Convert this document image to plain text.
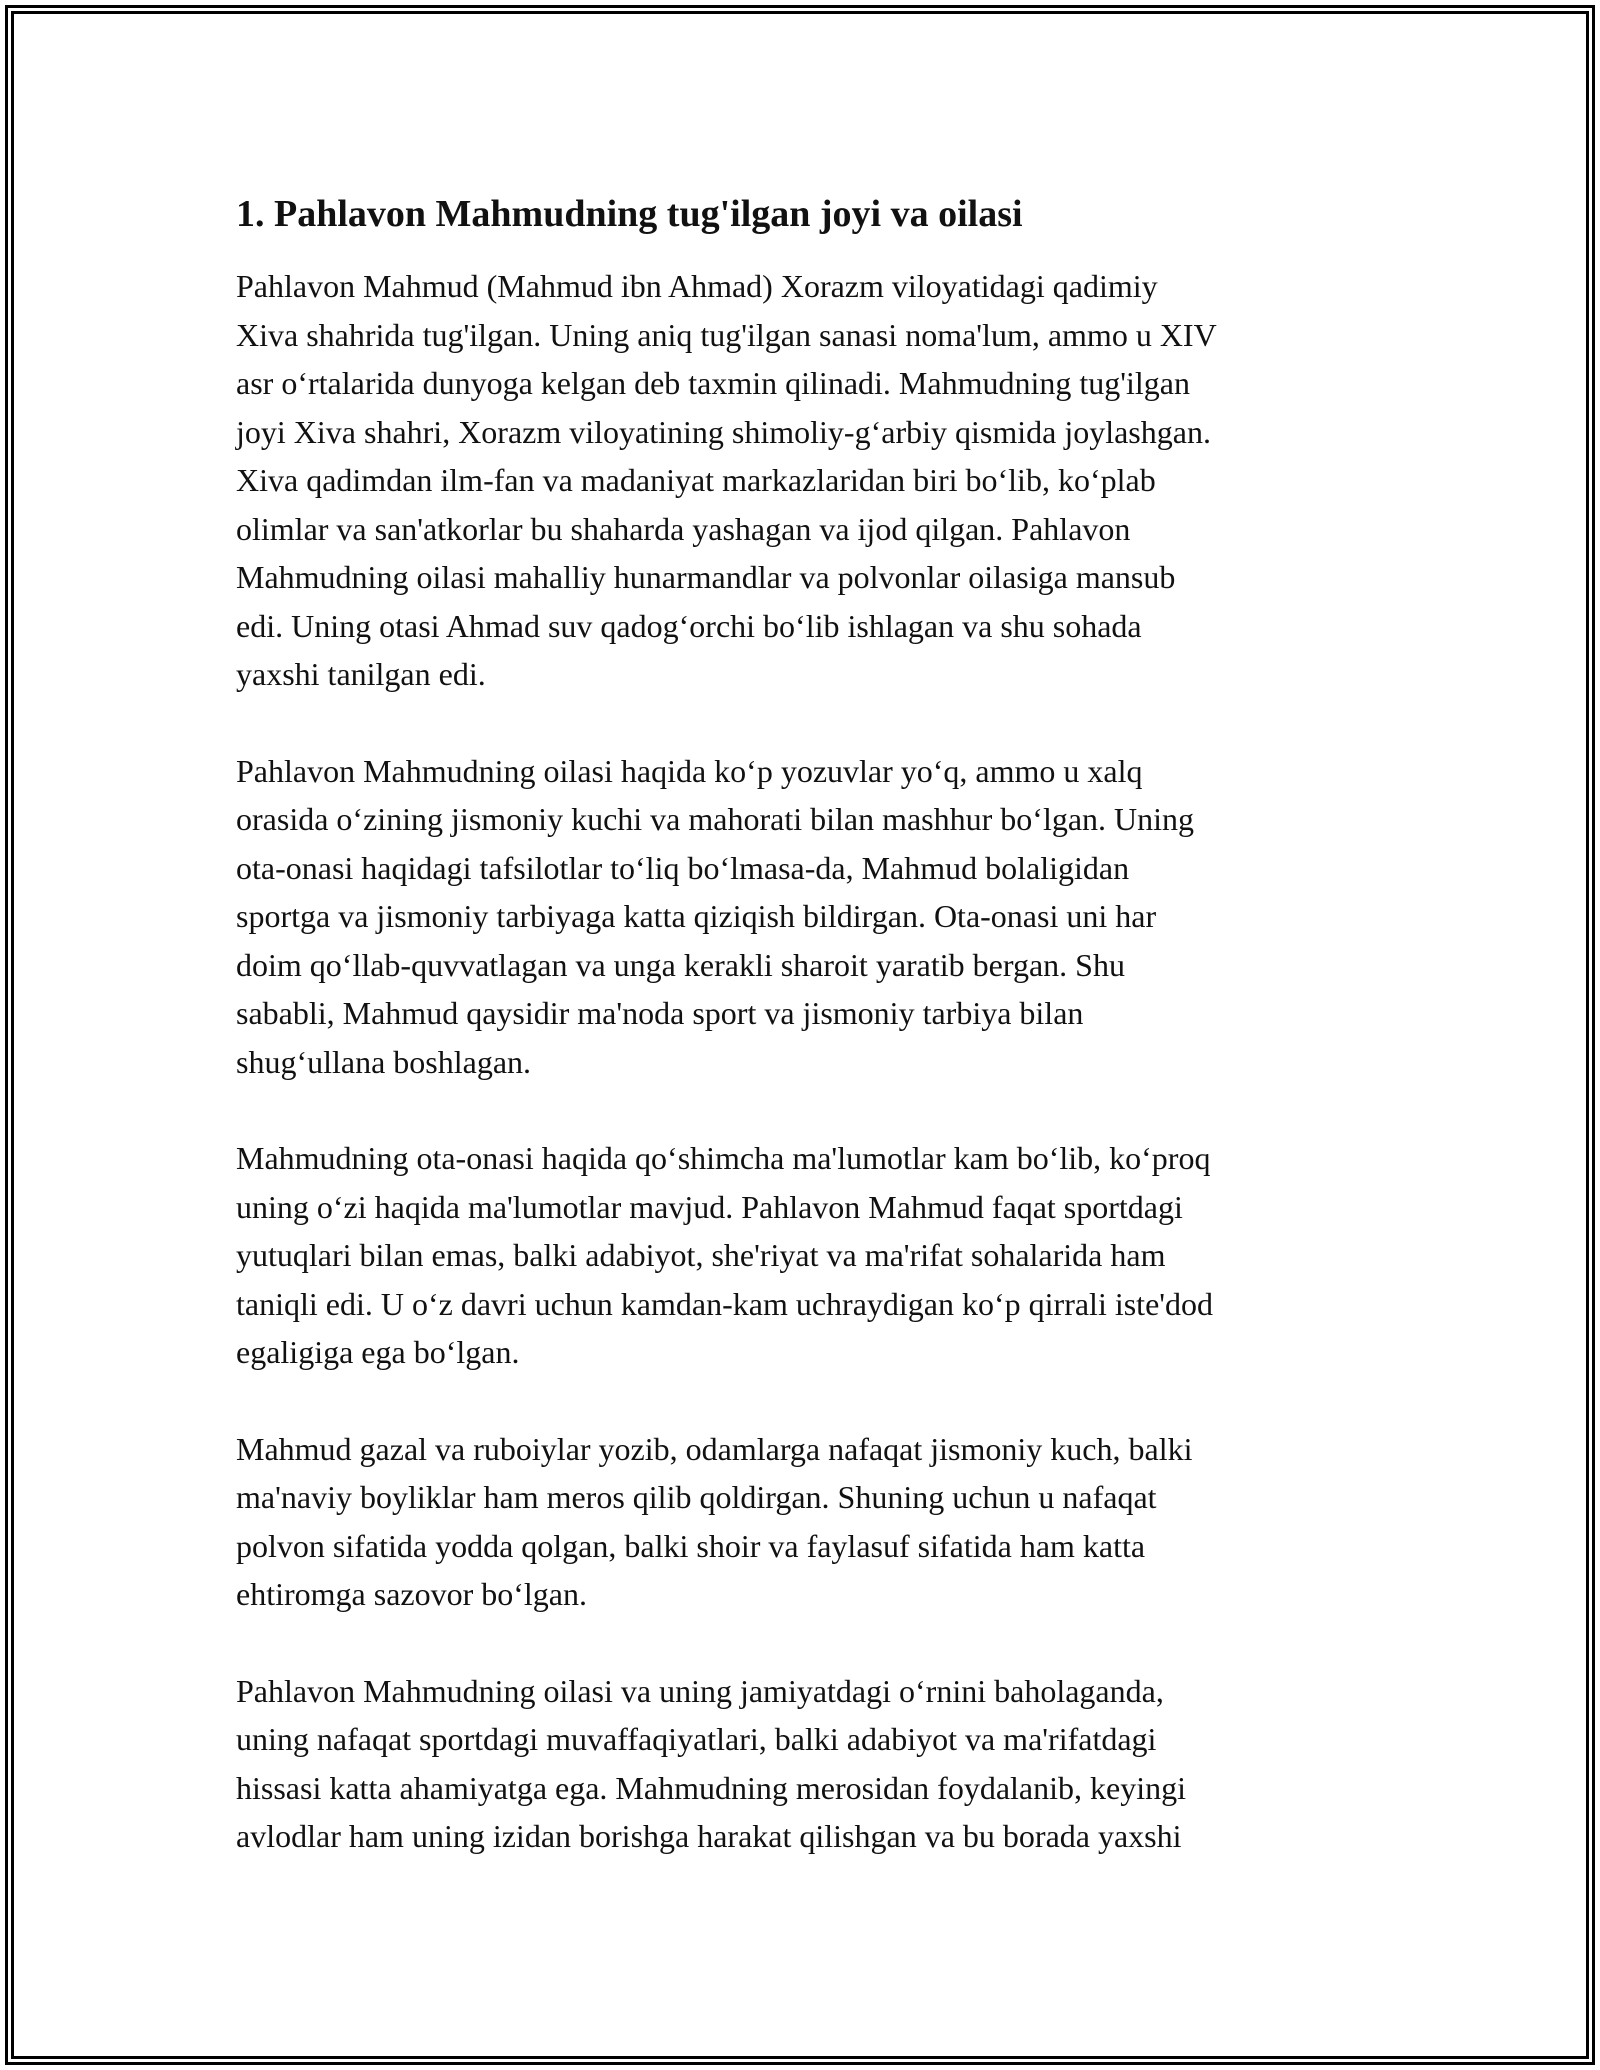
1. Pahlavon Mahmudning tug'ilgan joyi va oilasi

Pahlavon Mahmud (Mahmud ibn Ahmad) Xorazm viloyatidagi qadimiy
Xiva shahrida tug'ilgan. Uning aniq tug'ilgan sanasi noma'lum, ammo u XIV
asr o‘rtalarida dunyoga kelgan deb taxmin qilinadi. Mahmudning tug'ilgan
joyi Xiva shahri, Xorazm viloyatining shimoliy-g‘arbiy qismida joylashgan.
Xiva qadimdan ilm-fan va madaniyat markazlaridan biri bo‘lib, ko‘plab
olimlar va san'atkorlar bu shaharda yashagan va ijod qilgan. Pahlavon
Mahmudning oilasi mahalliy hunarmandlar va polvonlar oilasiga mansub
edi. Uning otasi Ahmad suv qadog‘orchi bo‘lib ishlagan va shu sohada
yaxshi tanilgan edi.

Pahlavon Mahmudning oilasi haqida ko‘p yozuvlar yo‘q, ammo u xalq
orasida o‘zining jismoniy kuchi va mahorati bilan mashhur bo‘lgan. Uning
ota-onasi haqidagi tafsilotlar to‘liq bo‘lmasa-da, Mahmud bolaligidan
sportga va jismoniy tarbiyaga katta qiziqish bildirgan. Ota-onasi uni har
doim qo‘llab-quvvatlagan va unga kerakli sharoit yaratib bergan. Shu
sababli, Mahmud qaysidir ma'noda sport va jismoniy tarbiya bilan
shug‘ullana boshlagan.

Mahmudning ota-onasi haqida qo‘shimcha ma'lumotlar kam bo‘lib, ko‘proq
uning o‘zi haqida ma'lumotlar mavjud. Pahlavon Mahmud faqat sportdagi
yutuqlari bilan emas, balki adabiyot, she'riyat va ma'rifat sohalarida ham
taniqli edi. U o‘z davri uchun kamdan-kam uchraydigan ko‘p qirrali iste'dod
egaligiga ega bo‘lgan.

Mahmud gazal va ruboiylar yozib, odamlarga nafaqat jismoniy kuch, balki
ma'naviy boyliklar ham meros qilib qoldirgan. Shuning uchun u nafaqat
polvon sifatida yodda qolgan, balki shoir va faylasuf sifatida ham katta
ehtiromga sazovor bo‘lgan.

Pahlavon Mahmudning oilasi va uning jamiyatdagi o‘rnini baholaganda,
uning nafaqat sportdagi muvaffaqiyatlari, balki adabiyot va ma'rifatdagi
hissasi katta ahamiyatga ega. Mahmudning merosidan foydalanib, keyingi
avlodlar ham uning izidan borishga harakat qilishgan va bu borada yaxshi
